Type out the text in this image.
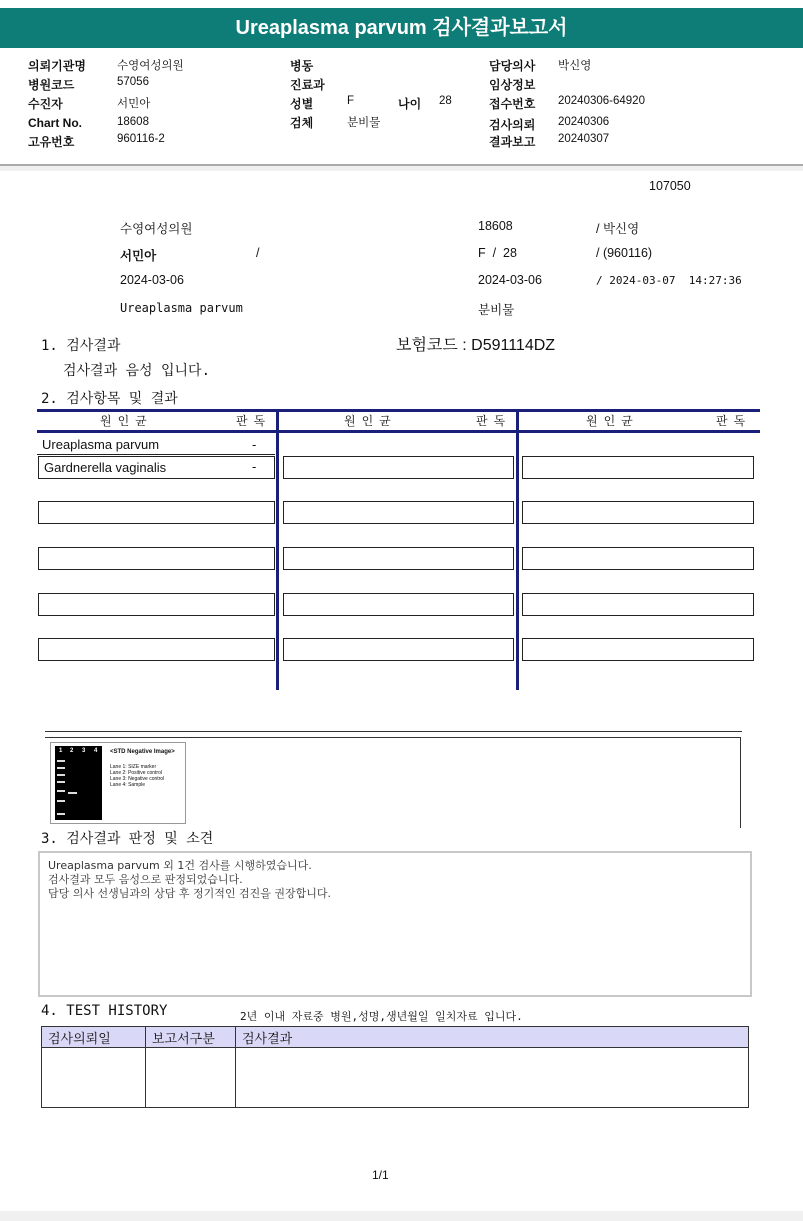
Ureaplasma parvum 검사결과보고서
의뢰기관명	수영여성의원
병원코드	57056
수진자	서민아
Chart No.	18608
고유번호	960116-2
병동
진료과
성별	F	나이 28
검체	분비물
담당의사 박신영
임상정보
접수번호 20240306-64920
검사의뢰 20240306
결과보고 20240307
107050
수영여성의원	18608	/ 박신영
서민아	/	F  /  28	/ (960116)
2024-03-06	2024-03-06	/ 2024-03-07  14:27:36
Ureaplasma parvum	분비물
1. 검사결과	보험코드 : D591114DZ
검사결과 음성 입니다.
2. 검사항목 및 결과
원인균	판독	원인균	판독	원인균	판독
Ureaplasma parvum	-
Gardnerella vaginalis	-
1 2 3 4 <STD Negative Image>
Lane 1: SIZE marker
Lane 2: Positive control
Lane 3: Negative control
Lane 4: Sample
3. 검사결과 판정 및 소견
Ureaplasma parvum 외 1건 검사를 시행하였습니다.
검사결과 모두 음성으로 판정되었습니다.
담당 의사 선생님과의 상담 후 정기적인 검진을 권장합니다.
4. TEST HISTORY	2년 이내 자료중 병원,성명,생년월일 일치자료 입니다.
검사의뢰일	보고서구분	검사결과

1/1
